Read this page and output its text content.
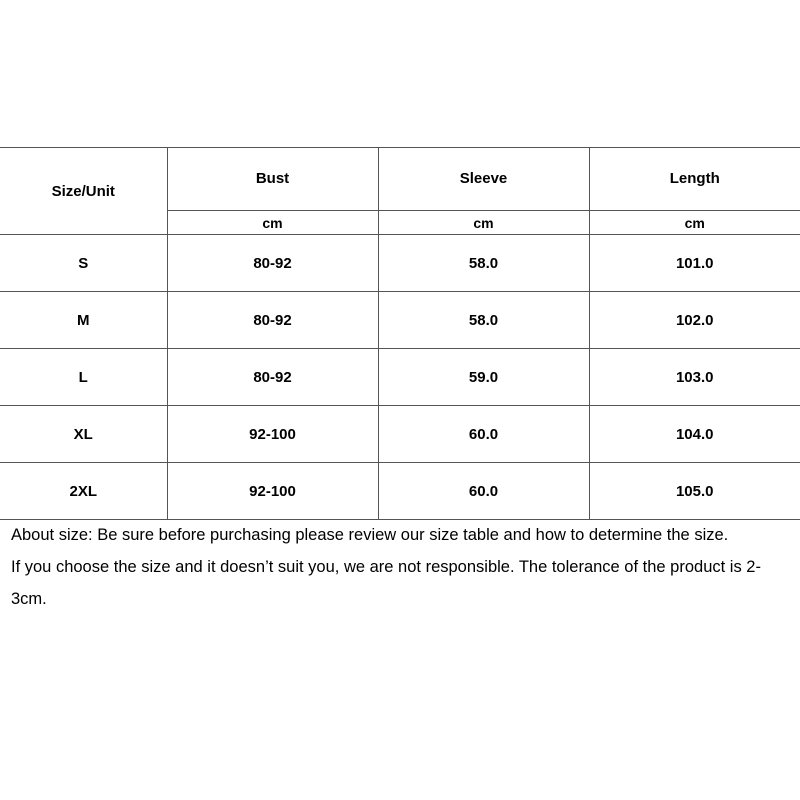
Size/Unit	Bust	Sleeve	Length
	cm	cm	cm
S	80-92	58.0	101.0
M	80-92	58.0	102.0
L	80-92	59.0	103.0
XL	92-100	60.0	104.0
2XL	92-100	60.0	105.0

About size: Be sure before purchasing please review our size table and how to determine the size.

If you choose the size and it doesn’t suit you, we are not responsible. The tolerance of the product is 2-3cm.
